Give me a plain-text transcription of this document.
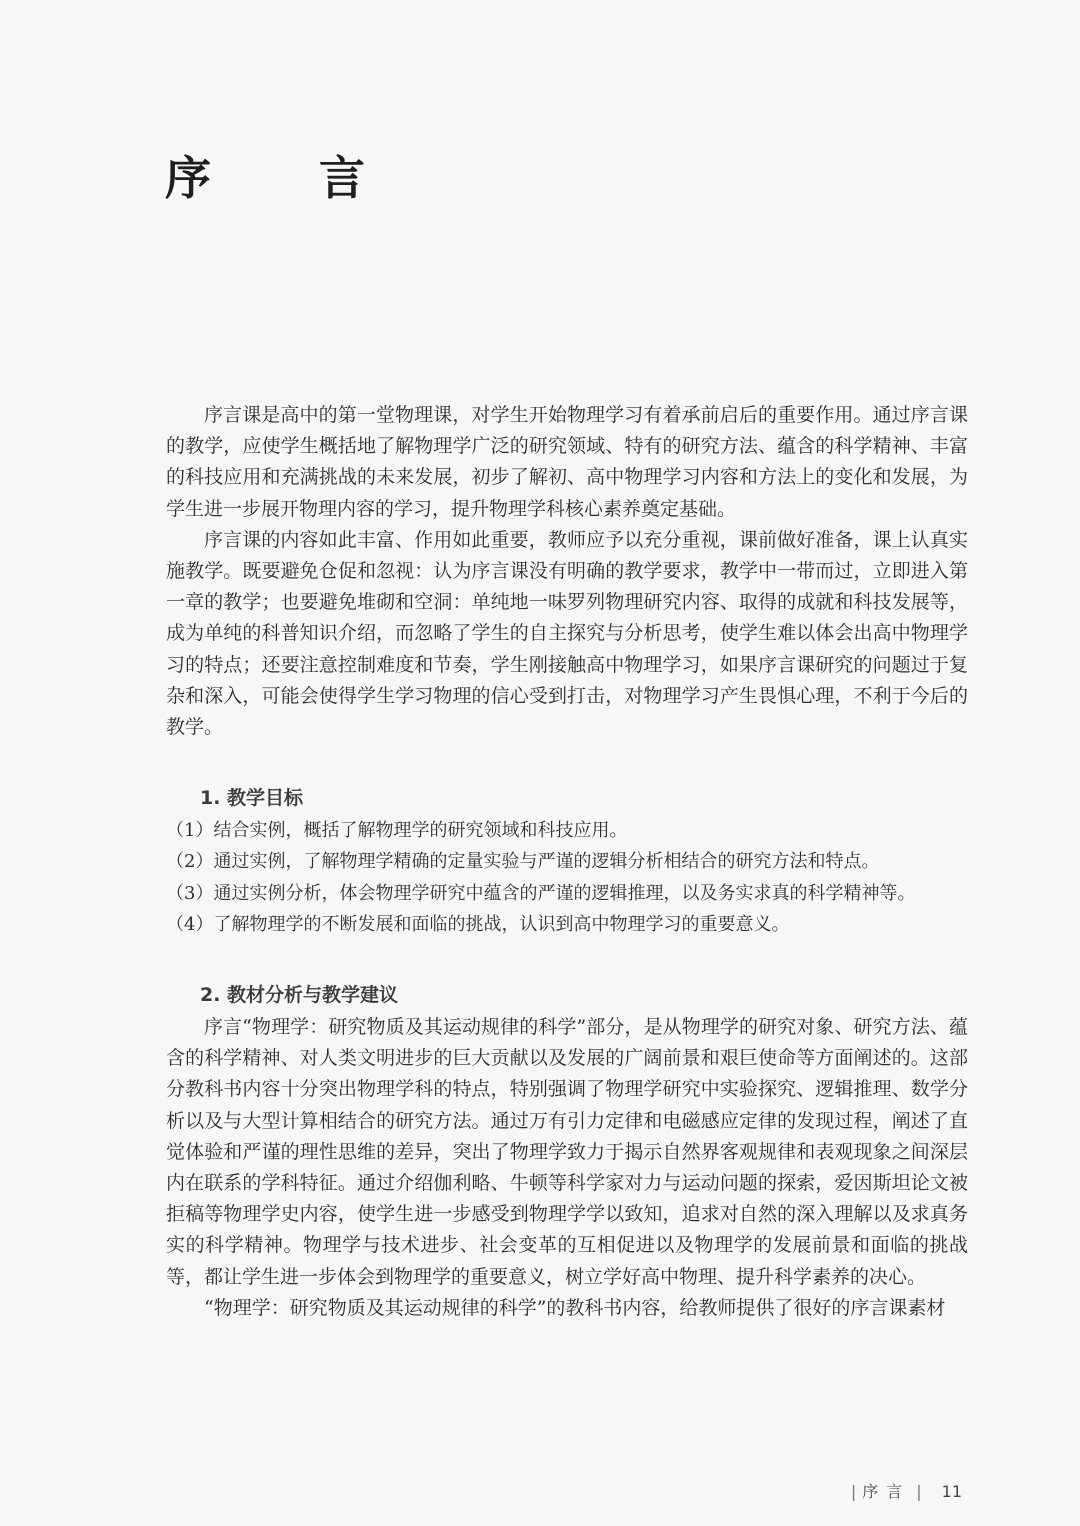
序 言

序言课是高中的第一堂物理课，对学生开始物理学习有着承前启后的重要作用。通过序言课的教学，应使学生概括地了解物理学广泛的研究领域、特有的研究方法、蕴含的科学精神、丰富的科技应用和充满挑战的未来发展，初步了解初、高中物理学习内容和方法上的变化和发展，为学生进一步展开物理内容的学习，提升物理学科核心素养奠定基础。

序言课的内容如此丰富、作用如此重要，教师应予以充分重视，课前做好准备，课上认真实施教学。既要避免仓促和忽视：认为序言课没有明确的教学要求，教学中一带而过，立即进入第一章的教学；也要避免堆砌和空洞：单纯地一味罗列物理研究内容、取得的成就和科技发展等，成为单纯的科普知识介绍，而忽略了学生的自主探究与分析思考，使学生难以体会出高中物理学习的特点；还要注意控制难度和节奏，学生刚接触高中物理学习，如果序言课研究的问题过于复杂和深入，可能会使得学生学习物理的信心受到打击，对物理学习产生畏惧心理，不利于今后的教学。

1. 教学目标
（1）结合实例，概括了解物理学的研究领域和科技应用。
（2）通过实例，了解物理学精确的定量实验与严谨的逻辑分析相结合的研究方法和特点。
（3）通过实例分析，体会物理学研究中蕴含的严谨的逻辑推理，以及务实求真的科学精神等。
（4）了解物理学的不断发展和面临的挑战，认识到高中物理学习的重要意义。
2. 教材分析与教学建议

序言“物理学：研究物质及其运动规律的科学”部分，是从物理学的研究对象、研究方法、蕴含的科学精神、对人类文明进步的巨大贡献以及发展的广阔前景和艰巨使命等方面阐述的。这部分教科书内容十分突出物理学科的特点，特别强调了物理学研究中实验探究、逻辑推理、数学分析以及与大型计算相结合的研究方法。通过万有引力定律和电磁感应定律的发现过程，阐述了直觉体验和严谨的理性思维的差异，突出了物理学致力于揭示自然界客观规律和表观现象之间深层内在联系的学科特征。通过介绍伽利略、牛顿等科学家对力与运动问题的探索，爱因斯坦论文被拒稿等物理学史内容，使学生进一步感受到物理学学以致知，追求对自然的深入理解以及求真务实的科学精神。物理学与技术进步、社会变革的互相促进以及物理学的发展前景和面临的挑战等，都让学生进一步体会到物理学的重要意义，树立学好高中物理、提升科学素养的决心。

“物理学：研究物质及其运动规律的科学”的教科书内容，给教师提供了很好的序言课素材

| 序言 | 11
